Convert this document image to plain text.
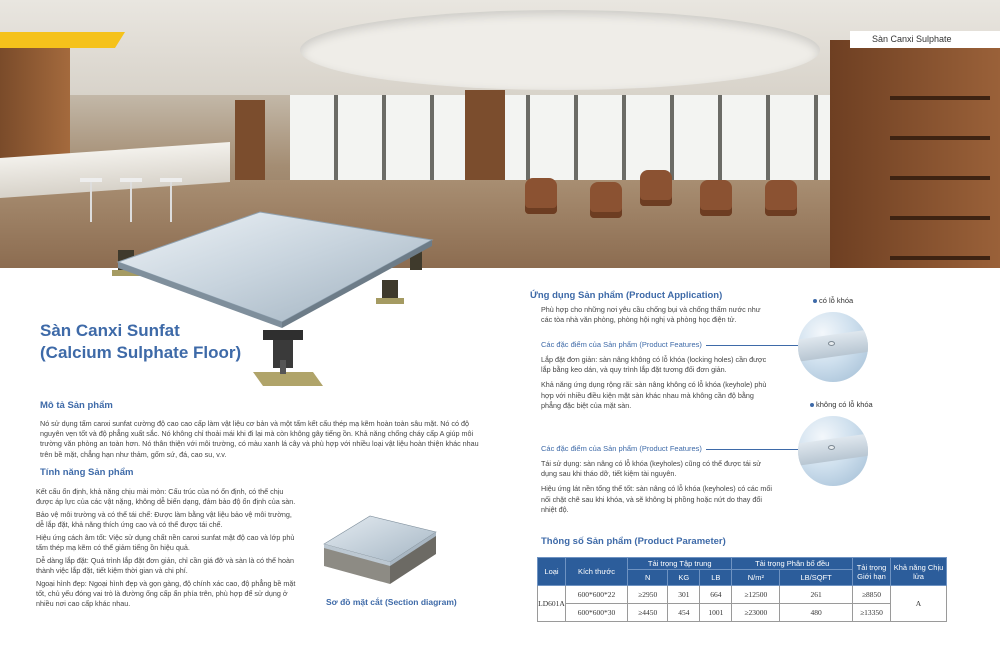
Sàn Canxi Sulphate
Sàn Canxi Sunfat
(Calcium Sulphate Floor)
Mô tả Sản phẩm
Nó sử dụng tấm canxi sunfat cường độ cao cao cấp làm vật liệu cơ bản và một tấm kết cấu thép mạ kẽm hoàn toàn sâu mặt. Nó có độ nguyên vẹn tốt và độ phẳng xuất sắc. Nó không chỉ thoải mái khi đi lại mà còn không gây tiếng ồn. Khả năng chống cháy cấp A giúp môi trường văn phòng an toàn hơn. Nó thân thiện với môi trường, có màu xanh lá cây và phù hợp với nhiều loại vật liệu hoàn thiện khác nhau trên bề mặt, chẳng hạn như thảm, gốm sứ, đá, cao su, v.v.
Tính năng Sản phẩm

Kết cấu ổn định, khả năng chịu mài mòn: Cấu trúc của nó ổn định, có thể chịu được áp lực của các vật nặng, không dễ biến dạng, đảm bảo độ ổn định của sàn.

Bảo vệ môi trường và có thể tái chế: Được làm bằng vật liệu bảo vệ môi trường, dễ lắp đặt, khả năng thích ứng cao và có thể được tái chế.

Hiệu ứng cách âm tốt: Việc sử dụng chất nền canxi sunfat mật độ cao và lớp phủ tấm thép mạ kẽm có thể giảm tiếng ồn hiệu quả.

Dễ dàng lắp đặt: Quá trình lắp đặt đơn giản, chỉ cần giá đỡ và sàn là có thể hoàn thành việc lắp đặt, tiết kiệm thời gian và chi phí.

Ngoại hình đẹp: Ngoại hình đẹp và gọn gàng, độ chính xác cao, độ phẳng bề mặt tốt, chủ yếu đóng vai trò là đường ống cấp ẩn phía trên, phù hợp để sử dụng ở nhiều nơi cao cấp khác nhau.	Sơ đồ mặt cắt (Section diagram)
Ứng dụng Sản phẩm (Product Application)
Phù hợp cho những nơi yêu cầu chống bụi và chống thấm nước như các tòa nhà văn phòng, phòng hội nghị và phòng học điện tử.
Các đặc điểm của Sản phẩm (Product Features)

Lắp đặt đơn giản: sàn nâng không có lỗ khóa (locking holes) cần được lắp bằng keo dán, và quy trình lắp đặt tương đối đơn giản.

Khả năng ứng dụng rộng rãi: sàn nâng không có lỗ khóa (keyhole) phù hợp với nhiều điều kiện mặt sàn khác nhau mà không cần độ bằng phẳng đặc biệt của mặt sàn.

có lỗ khóa
Các đặc điểm của Sản phẩm (Product Features)

Tái sử dụng: sàn nâng có lỗ khóa (keyholes) cũng có thể được tái sử dụng sau khi tháo dỡ, tiết kiệm tài nguyên.

Hiệu ứng lát nền tổng thể tốt: sàn nâng có lỗ khóa (keyholes) có các mối nối chặt chẽ sau khi khóa, và sẽ không bị phồng hoặc nứt do thay đổi nhiệt độ.

không có lỗ khóa
Thông số Sản phẩm (Product Parameter)
Loại	Kích thước	Tải trọng Tập trung			Tải trọng Phân bố đều		Tải trọng Giới hạn	Khả năng Chịu lửa
		N	KG	LB	N/m²	LB/SQFT		
LD601A	600*600*22	≥2950	301	664	≥12500	261	≥8850	A
	600*600*30	≥4450	454	1001	≥23000	480	≥13350	
